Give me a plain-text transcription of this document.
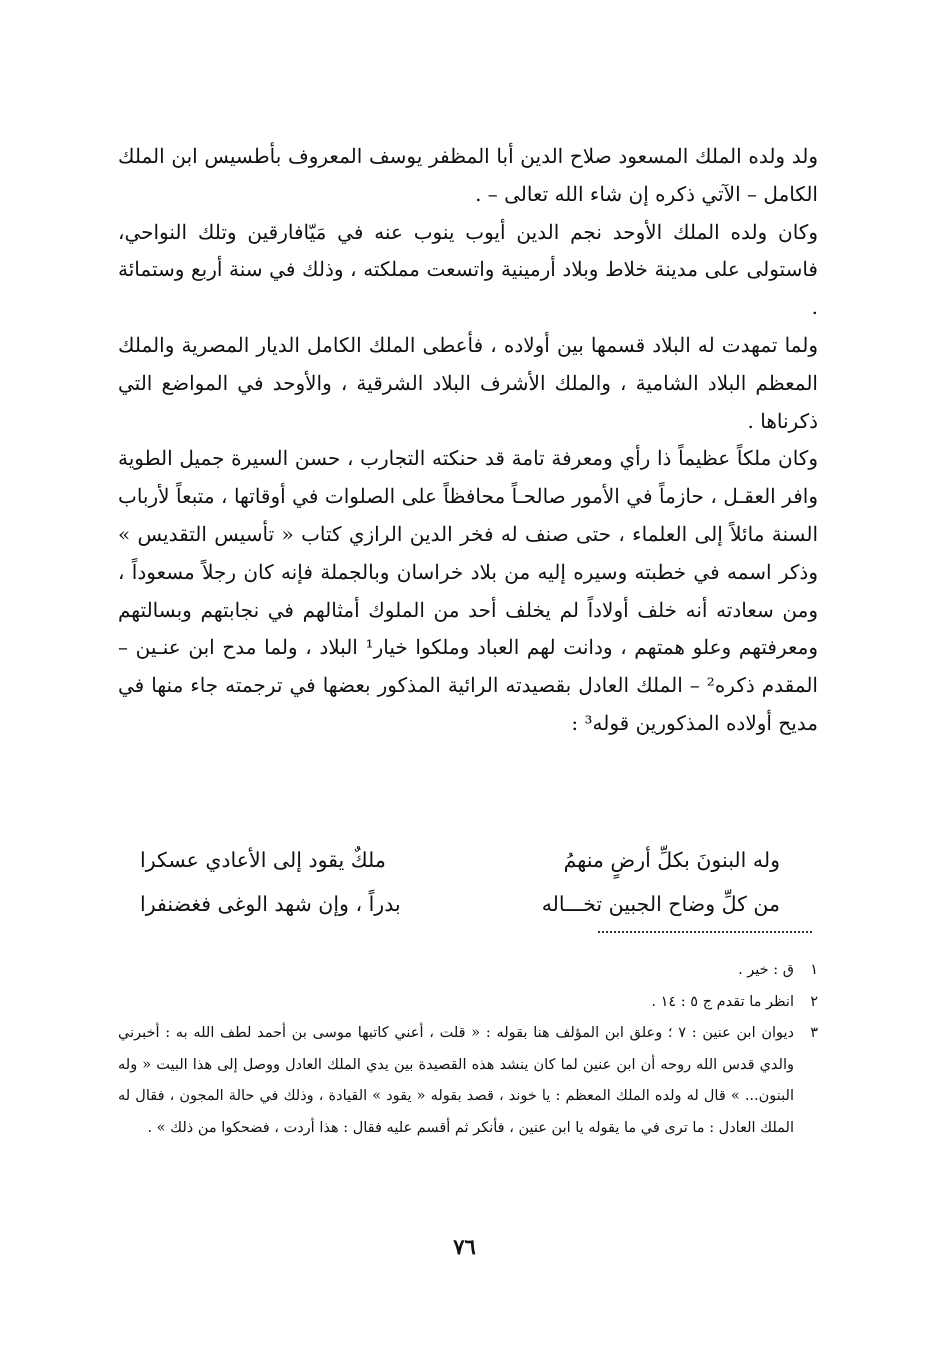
ولد ولده الملك المسعود صلاح الدين أبا المظفر يوسف المعروف بأطسيس ابن الملك الكامل – الآتي ذكره إن شاء الله تعالى – .

وكان ولده الملك الأوحد نجم الدين أيوب ينوب عنه في مَيّافارقين وتلك النواحي، فاستولى على مدينة خلاط وبلاد أرمينية واتسعت مملكته ، وذلك في سنة أربع وستمائة .

ولما تمهدت له البلاد قسمها بين أولاده ، فأعطى الملك الكامل الديار المصرية والملك المعظم البلاد الشامية ، والملك الأشرف البلاد الشرقية ، والأوحد في المواضع التي ذكرناها .

وكان ملكاً عظيماً ذا رأي ومعرفة تامة قد حنكته التجارب ، حسن السيرة جميل الطوية وافر العقـل ، حازماً في الأمور صالحـاً محافظاً على الصلوات في أوقاتها ، متبعاً لأرباب السنة مائلاً إلى العلماء ، حتى صنف له فخر الدين الرازي كتاب « تأسيس التقديس » وذكر اسمه في خطبته وسيره إليه من بلاد خراسان وبالجملة فإنه كان رجلاً مسعوداً ، ومن سعادته أنه خلف أولاداً لم يخلف أحد من الملوك أمثالهم في نجابتهم وبسالتهم ومعرفتهم وعلو همتهم ، ودانت لهم العباد وملكوا خيار¹ البلاد ، ولما مدح ابن عنـين – المقدم ذكره² – الملك العادل بقصيدته الرائية المذكور بعضها في ترجمته جاء منها في مديح أولاده المذكورين قوله³ :

وله البنونَ بكلِّ أرضٍ منهمُ
ملكٌ يقود إلى الأعادي عسكرا
من كلِّ وضاح الجبين تخـــاله
بدراً ، وإن شهد الوغى فغضنفرا
١
ق : خير .
٢
انظر ما تقدم ج ٥ : ١٤ .
٣
ديوان ابن عنين : ٧ ؛ وعلق ابن المؤلف هنا بقوله : « قلت ، أعني كاتبها موسى بن أحمد لطف الله به : أخبرني والدي قدس الله روحه أن ابن عنين لما كان ينشد هذه القصيدة بين يدي الملك العادل ووصل إلى هذا البيت « وله البنون... » قال له ولده الملك المعظم : يا خوند ، قصد بقوله « يقود » القيادة ، وذلك في حالة المجون ، فقال له الملك العادل : ما ترى في ما يقوله يا ابن عنين ، فأنكر ثم أقسم عليه فقال : هذا أردت ، فضحكوا من ذلك » .
٧٦
